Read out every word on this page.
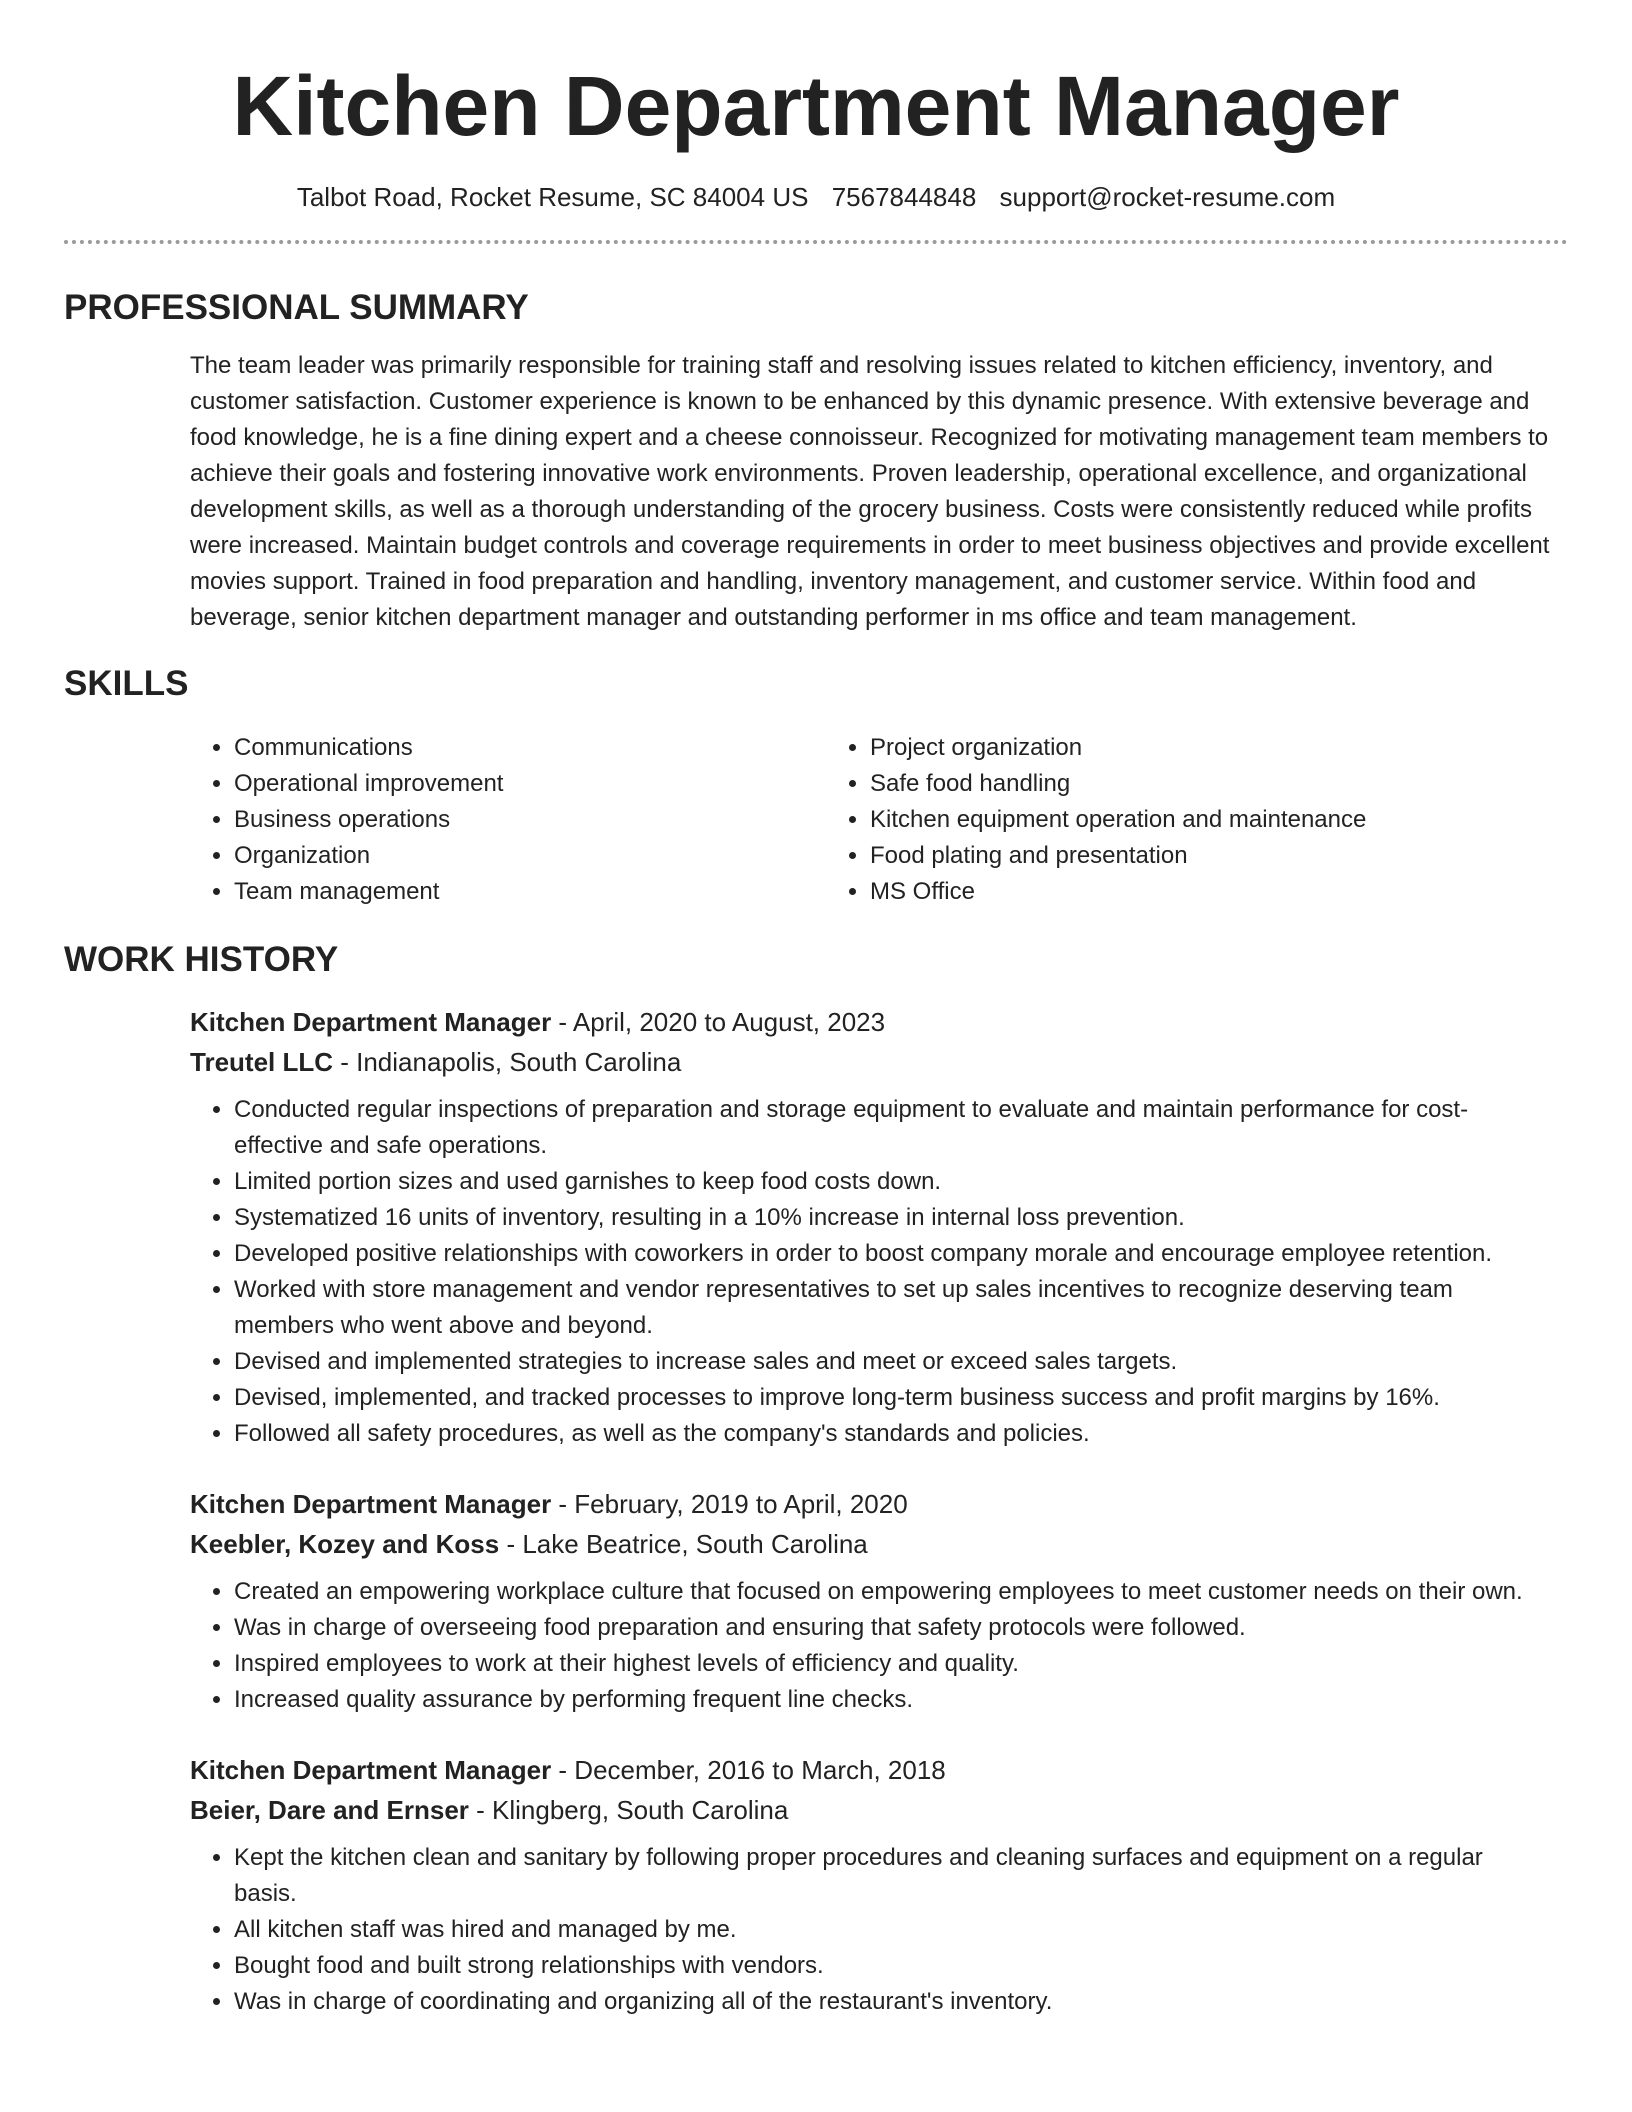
Kitchen Department Manager
Talbot Road, Rocket Resume, SC 84004 US 7567844848 support@rocket-resume.com
PROFESSIONAL SUMMARY

The team leader was primarily responsible for training staff and resolving issues related to kitchen efficiency, inventory, and customer satisfaction. Customer experience is known to be enhanced by this dynamic presence. With extensive beverage and food knowledge, he is a fine dining expert and a cheese connoisseur. Recognized for motivating management team members to achieve their goals and fostering innovative work environments. Proven leadership, operational excellence, and organizational development skills, as well as a thorough understanding of the grocery business. Costs were consistently reduced while profits were increased. Maintain budget controls and coverage requirements in order to meet business objectives and provide excellent movies support. Trained in food preparation and handling, inventory management, and customer service. Within food and beverage, senior kitchen department manager and outstanding performer in ms office and team management.

SKILLS
• Communications
• Operational improvement
• Business operations
• Organization
• Team management
• Project organization
• Safe food handling
• Kitchen equipment operation and maintenance
• Food plating and presentation
• MS Office
WORK HISTORY
Kitchen Department Manager - April, 2020 to August, 2023
Treutel LLC - Indianapolis, South Carolina
• Conducted regular inspections of preparation and storage equipment to evaluate and maintain performance for cost-effective and safe operations.
• Limited portion sizes and used garnishes to keep food costs down.
• Systematized 16 units of inventory, resulting in a 10% increase in internal loss prevention.
• Developed positive relationships with coworkers in order to boost company morale and encourage employee retention.
• Worked with store management and vendor representatives to set up sales incentives to recognize deserving team members who went above and beyond.
• Devised and implemented strategies to increase sales and meet or exceed sales targets.
• Devised, implemented, and tracked processes to improve long-term business success and profit margins by 16%.
• Followed all safety procedures, as well as the company's standards and policies.
Kitchen Department Manager - February, 2019 to April, 2020
Keebler, Kozey and Koss - Lake Beatrice, South Carolina
• Created an empowering workplace culture that focused on empowering employees to meet customer needs on their own.
• Was in charge of overseeing food preparation and ensuring that safety protocols were followed.
• Inspired employees to work at their highest levels of efficiency and quality.
• Increased quality assurance by performing frequent line checks.
Kitchen Department Manager - December, 2016 to March, 2018
Beier, Dare and Ernser - Klingberg, South Carolina
• Kept the kitchen clean and sanitary by following proper procedures and cleaning surfaces and equipment on a regular basis.
• All kitchen staff was hired and managed by me.
• Bought food and built strong relationships with vendors.
• Was in charge of coordinating and organizing all of the restaurant's inventory.
